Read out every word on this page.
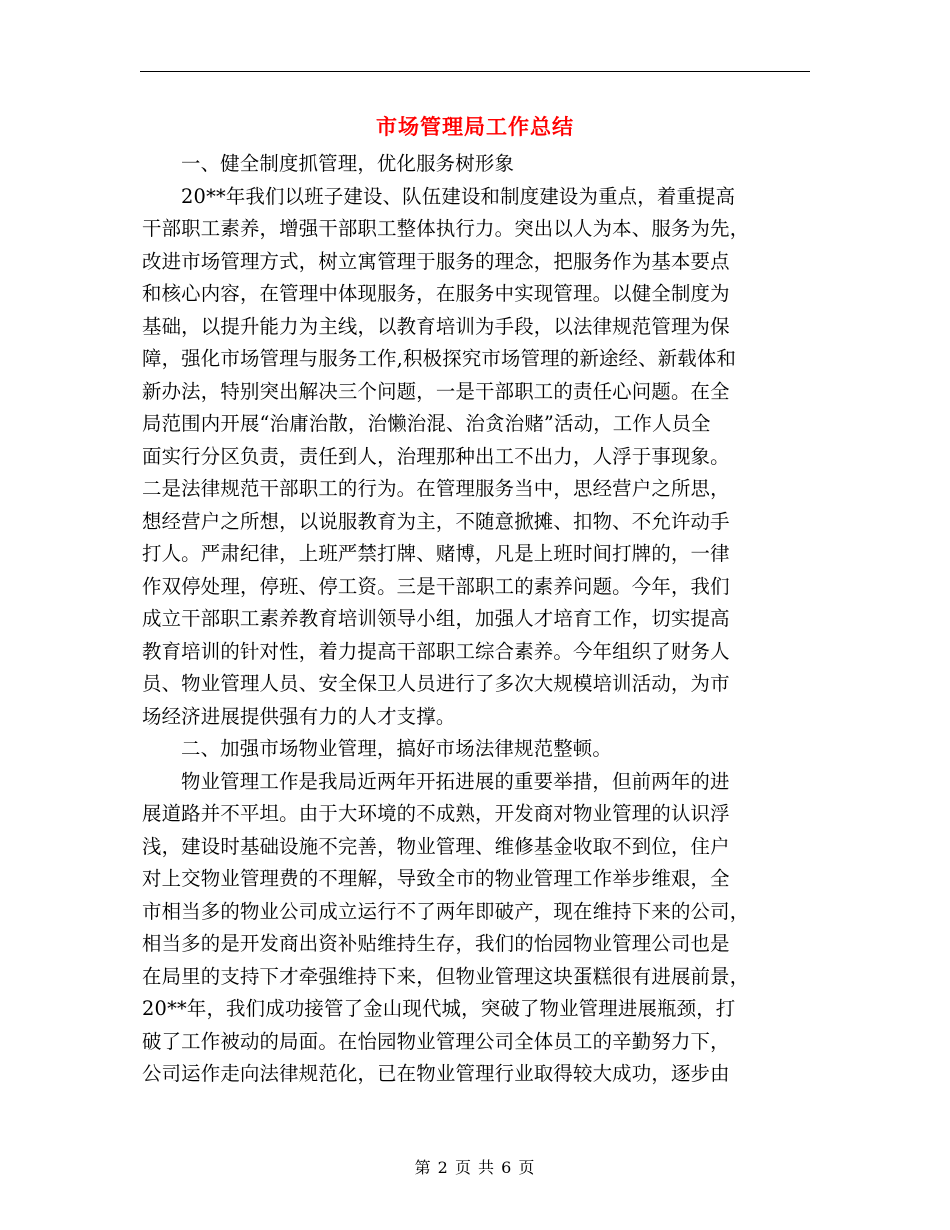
市场管理局工作总结
一、健全制度抓管理，优化服务树形象
20**年我们以班子建设、队伍建设和制度建设为重点，着重提高
干部职工素养，增强干部职工整体执行力。突出以人为本、服务为先，
改进市场管理方式，树立寓管理于服务的理念，把服务作为基本要点
和核心内容，在管理中体现服务，在服务中实现管理。以健全制度为
基础，以提升能力为主线，以教育培训为手段，以法律规范管理为保
障，强化市场管理与服务工作,积极探究市场管理的新途经、新载体和
新办法，特别突出解决三个问题，一是干部职工的责任心问题。在全
局范围内开展“治庸治散，治懒治混、治贪治赌”活动，工作人员全
面实行分区负责，责任到人，治理那种出工不出力，人浮于事现象。
二是法律规范干部职工的行为。在管理服务当中，思经营户之所思，
想经营户之所想，以说服教育为主，不随意掀摊、扣物、不允许动手
打人。严肃纪律，上班严禁打牌、赌博，凡是上班时间打牌的，一律
作双停处理，停班、停工资。三是干部职工的素养问题。今年，我们
成立干部职工素养教育培训领导小组，加强人才培育工作，切实提高
教育培训的针对性，着力提高干部职工综合素养。今年组织了财务人
员、物业管理人员、安全保卫人员进行了多次大规模培训活动，为市
场经济进展提供强有力的人才支撑。
二、加强市场物业管理，搞好市场法律规范整顿。
物业管理工作是我局近两年开拓进展的重要举措，但前两年的进
展道路并不平坦。由于大环境的不成熟，开发商对物业管理的认识浮
浅，建设时基础设施不完善，物业管理、维修基金收取不到位，住户
对上交物业管理费的不理解，导致全市的物业管理工作举步维艰，全
市相当多的物业公司成立运行不了两年即破产，现在维持下来的公司，
相当多的是开发商出资补贴维持生存，我们的怡园物业管理公司也是
在局里的支持下才牵强维持下来，但物业管理这块蛋糕很有进展前景，
20**年，我们成功接管了金山现代城，突破了物业管理进展瓶颈，打
破了工作被动的局面。在怡园物业管理公司全体员工的辛勤努力下，
公司运作走向法律规范化，已在物业管理行业取得较大成功，逐步由
第 2 页 共 6 页
